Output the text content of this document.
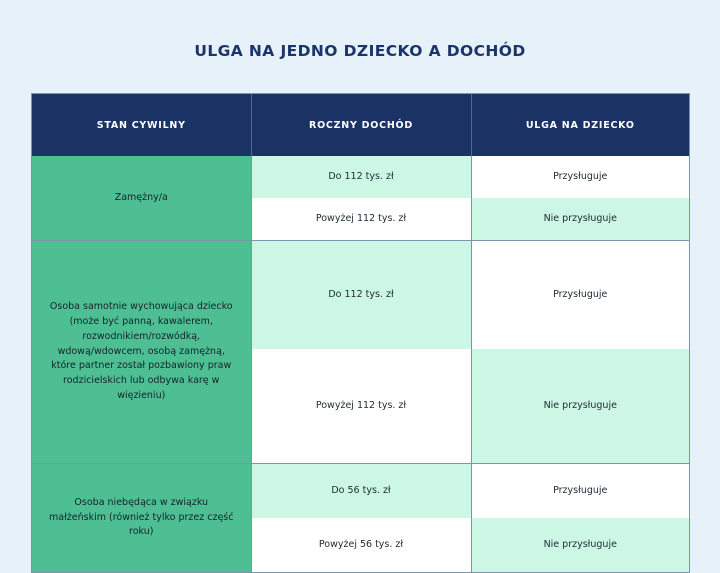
ULGA NA JEDNO DZIECKO A DOCHÓD
STAN CYWILNY	ROCZNY DOCHÓD	ULGA NA DZIECKO
Zamężny/a	Do 112 tys. zł	Przysługuje
	Powyżej 112 tys. zł	Nie przysługuje
Osoba samotnie wychowująca dziecko (może być panną, kawalerem, rozwodnikiem/rozwódką, wdową/wdowcem, osobą zamężną, które partner został pozbawiony praw rodzicielskich lub odbywa karę w więzieniu)	Do 112 tys. zł	Przysługuje
	Powyżej 112 tys. zł	Nie przysługuje
Osoba niebędąca w związku małżeńskim (również tylko przez część roku)	Do 56 tys. zł	Przysługuje
	Powyżej 56 tys. zł	Nie przysługuje
